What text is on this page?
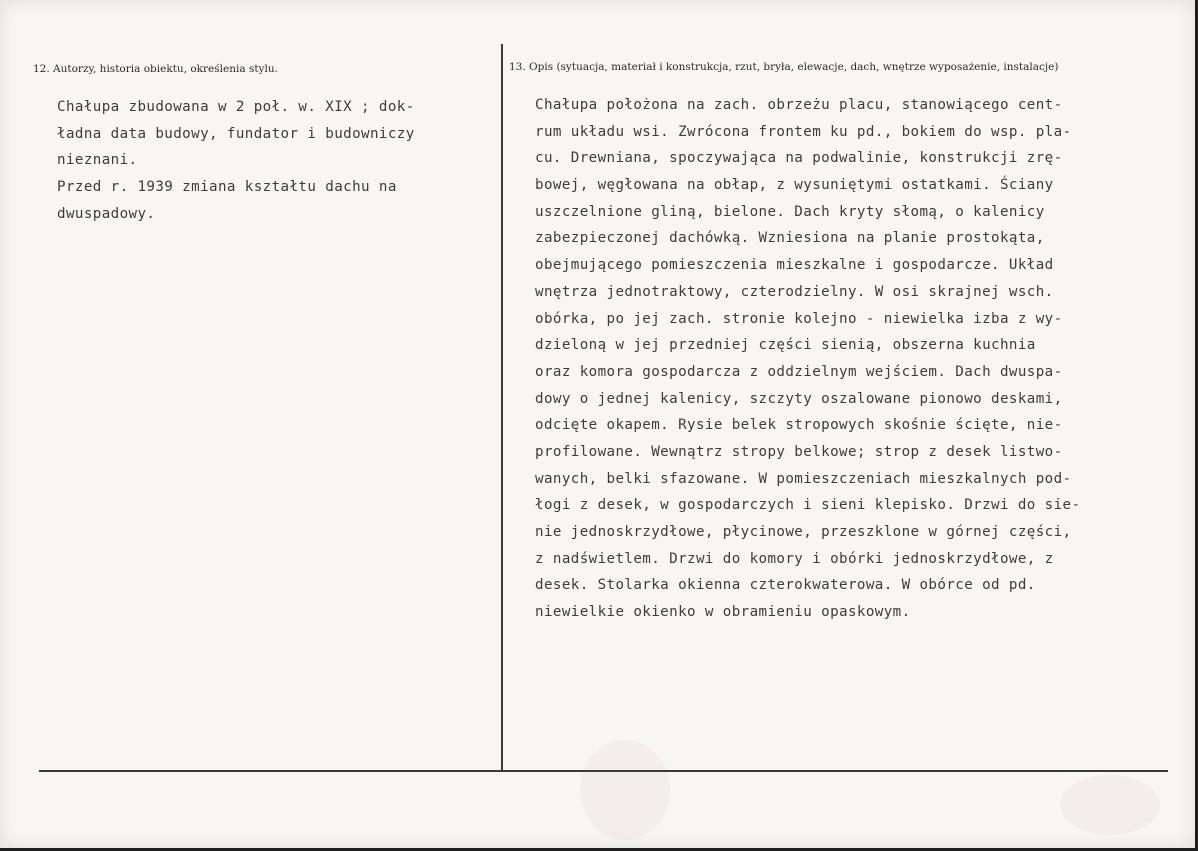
12. Autorzy, historia obiektu, określenia stylu.	13. Opis (sytuacja, materiał i konstrukcja, rzut, bryła, elewacje, dach, wnętrze wyposażenie, instalacje)
Chałupa zbudowana w 2 poł. w. XIX ; dok-
ładna data budowy, fundator i budowniczy
nieznani.
Przed r. 1939 zmiana kształtu dachu na
dwuspadowy.
Chałupa położona na zach. obrzeżu placu, stanowiącego cent-
rum układu wsi. Zwrócona frontem ku pd., bokiem do wsp. pla-
cu. Drewniana, spoczywająca na podwalinie, konstrukcji zrę-
bowej, węgłowana na obłap, z wysuniętymi ostatkami. Ściany
uszczelnione gliną, bielone. Dach kryty słomą, o kalenicy
zabezpieczonej dachówką. Wzniesiona na planie prostokąta,
obejmującego pomieszczenia mieszkalne i gospodarcze. Układ
wnętrza jednotraktowy, czterodzielny. W osi skrajnej wsch.
obórka, po jej zach. stronie kolejno - niewielka izba z wy-
dzieloną w jej przedniej części sienią, obszerna kuchnia
oraz komora gospodarcza z oddzielnym wejściem. Dach dwuspa-
dowy o jednej kalenicy, szczyty oszalowane pionowo deskami,
odcięte okapem. Rysie belek stropowych skośnie ścięte, nie-
profilowane. Wewnątrz stropy belkowe; strop z desek listwo-
wanych, belki sfazowane. W pomieszczeniach mieszkalnych pod-
łogi z desek, w gospodarczych i sieni klepisko. Drzwi do sie-
nie jednoskrzydłowe, płycinowe, przeszklone w górnej części,
z nadświetlem. Drzwi do komory i obórki jednoskrzydłowe, z
desek. Stolarka okienna czterokwaterowa. W obórce od pd.
niewielkie okienko w obramieniu opaskowym.
